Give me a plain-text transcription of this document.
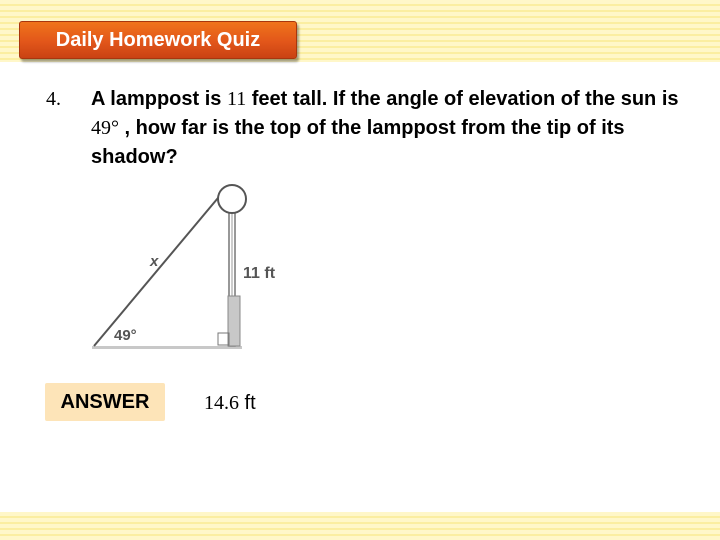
Daily Homework Quiz
4. A lamppost is 11 feet tall. If the angle of elevation of the sun is 49° , how far is the top of the lamppost from the tip of its shadow?
x
11 ft
49°
ANSWER	14.6 ft
